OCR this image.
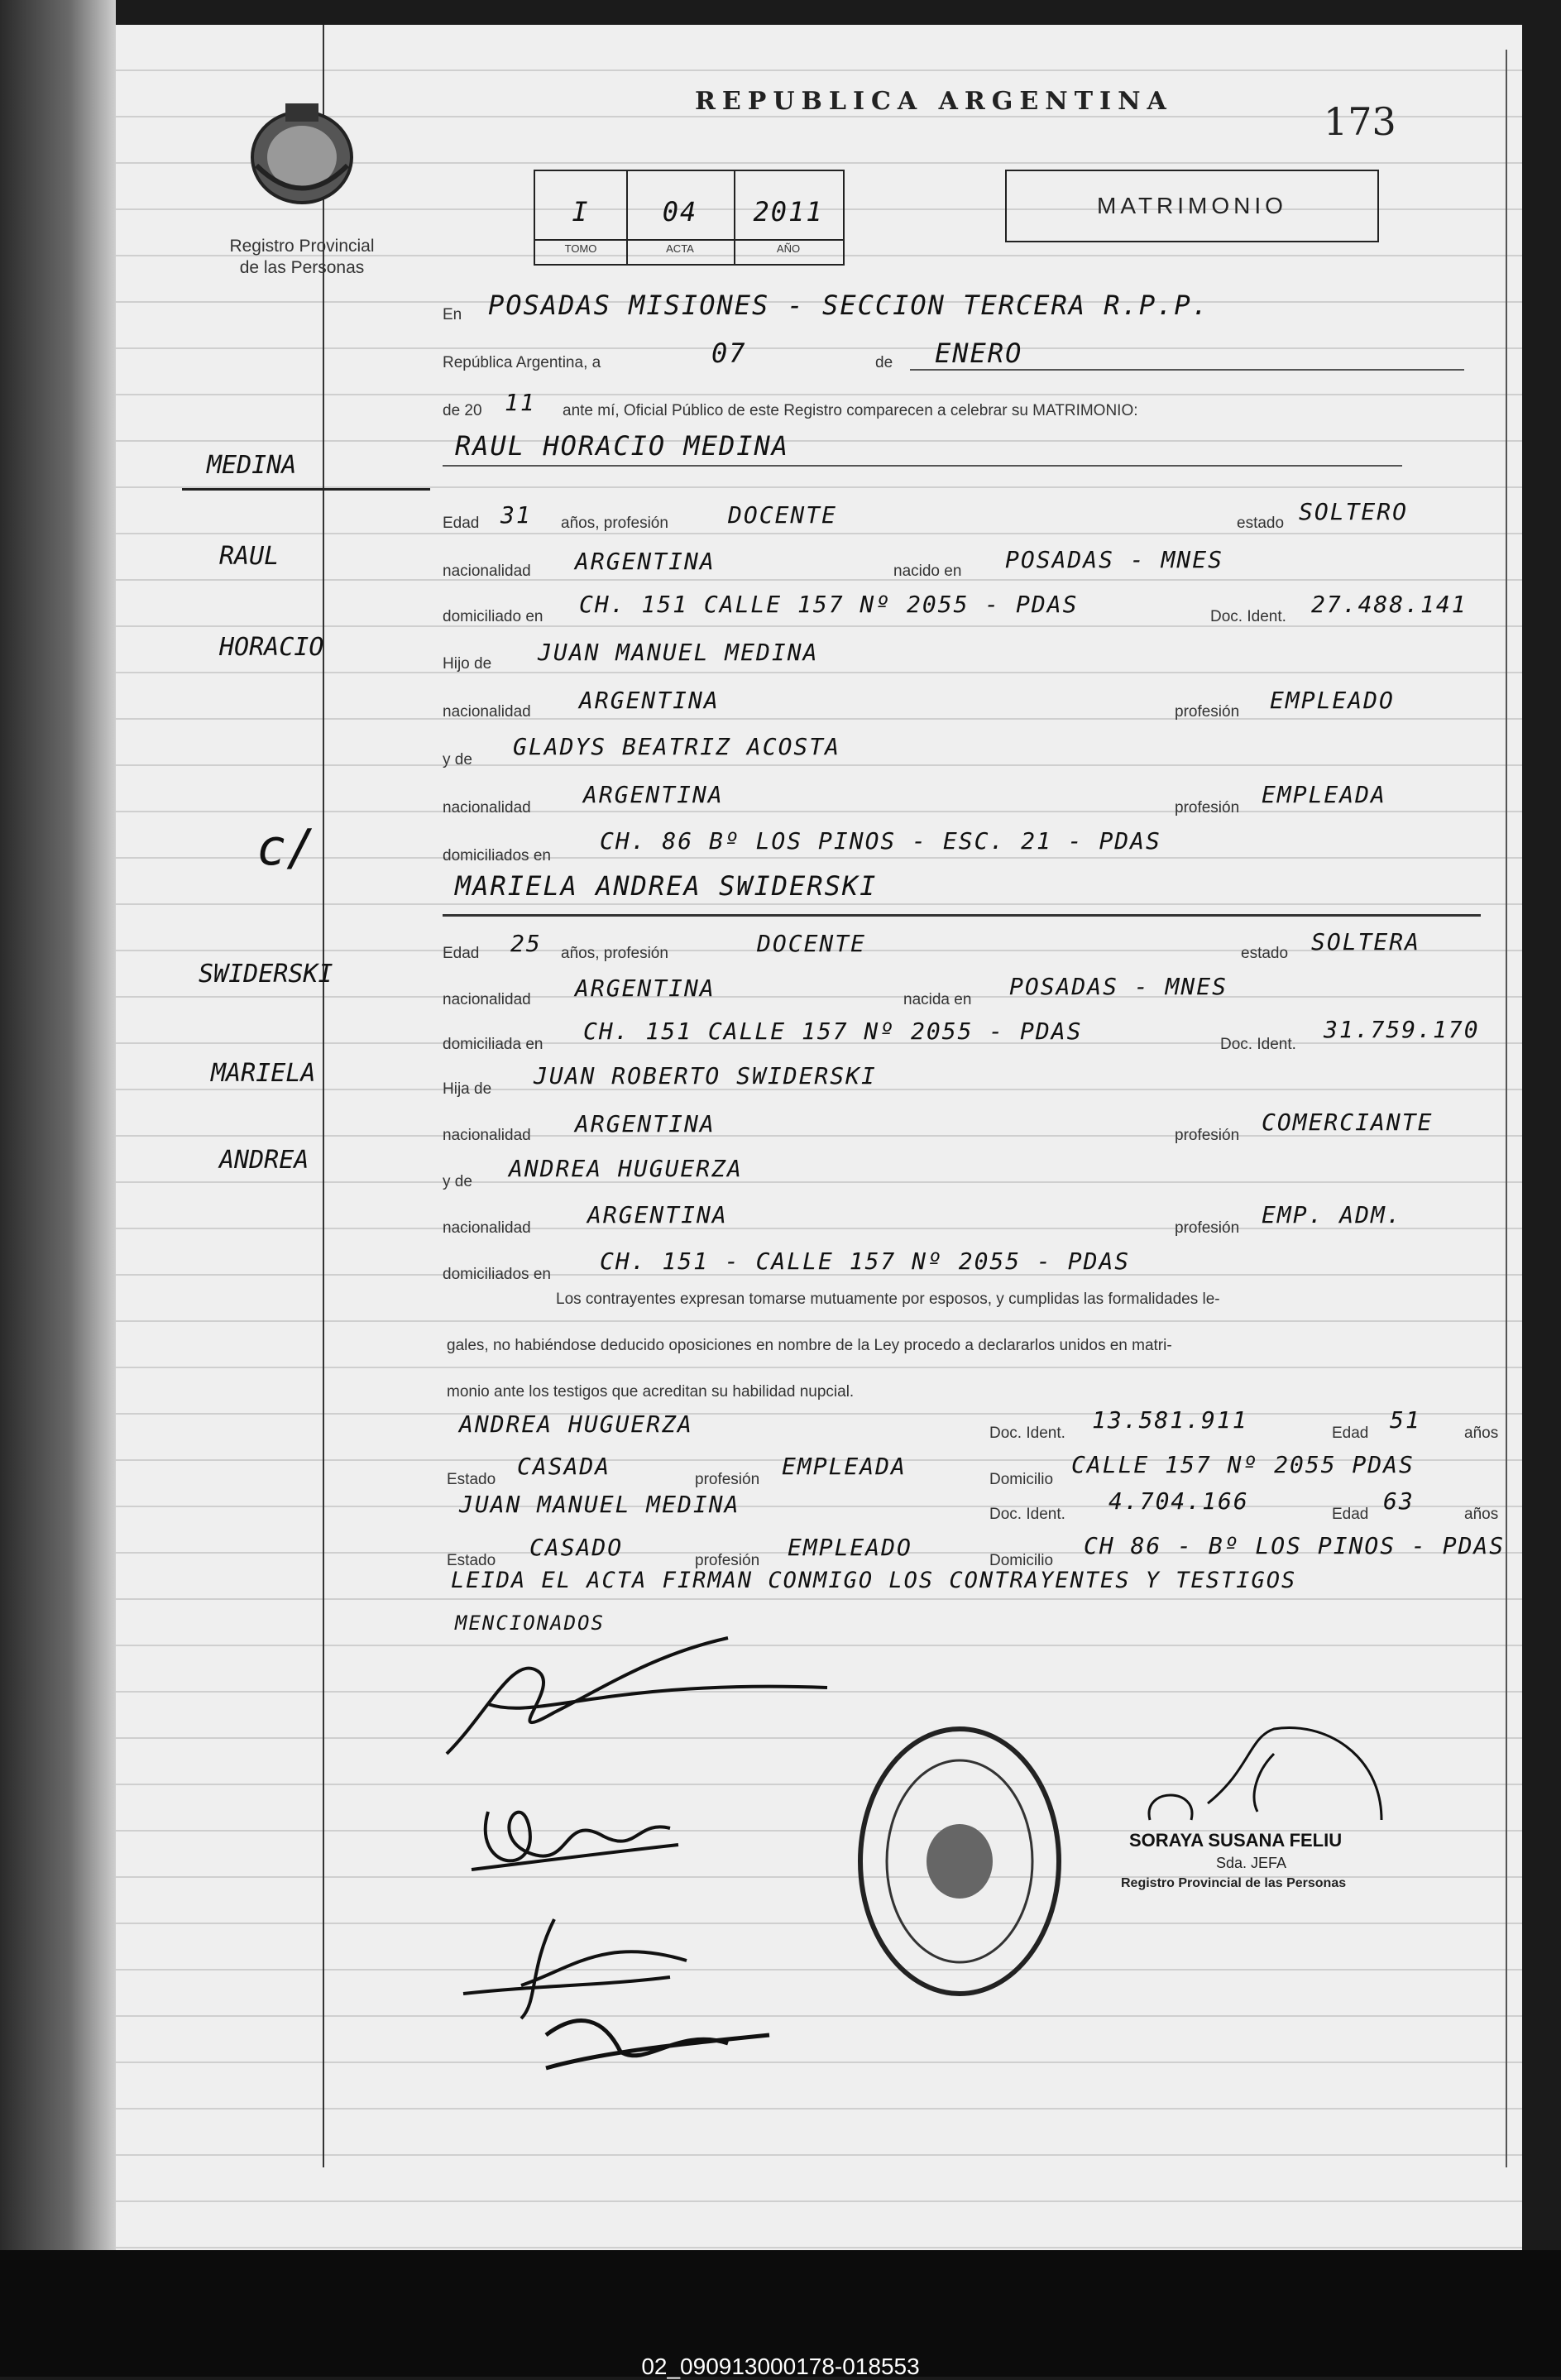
Registro Provincial
de las Personas
REPUBLICA ARGENTINA	173
I	04	2011
TOMO	ACTA	AÑO
MATRIMONIO
MEDINA
RAUL
HORACIO
c/
SWIDERSKI
MARIELA
ANDREA
En POSADAS MISIONES - SECCION TERCERA R.P.P.
República Argentina, a	07	de ENERO
de 20 11 ante mí, Oficial Público de este Registro comparecen a celebrar su MATRIMONIO:
RAUL HORACIO MEDINA
Edad 31 años, profesión	DOCENTE	estado SOLTERO
nacionalidad ARGENTINA	nacido en POSADAS - MNES
domiciliado en CH. 151 CALLE 157 Nº 2055 - PDAS	Doc. Ident. 27.488.141
Hijo de JUAN MANUEL MEDINA
nacionalidad ARGENTINA	profesión EMPLEADO
y de GLADYS BEATRIZ ACOSTA
nacionalidad ARGENTINA	profesión EMPLEADA
domiciliados en
CH. 86 Bº LOS PINOS - ESC. 21 - PDAS
MARIELA ANDREA SWIDERSKI
Edad 25 años, profesión	DOCENTE	estado SOLTERA
nacionalidad ARGENTINA	nacida en POSADAS - MNES
domiciliada en CH. 151 CALLE 157 Nº 2055 - PDAS	Doc. Ident.
31.759.170
Hija de JUAN ROBERTO SWIDERSKI
nacionalidad ARGENTINA	profesión COMERCIANTE
y de ANDREA HUGUERZA
nacionalidad ARGENTINA	profesión EMP. ADM.
domiciliados en CH. 151 - CALLE 157 Nº 2055 - PDAS
Los contrayentes expresan tomarse mutuamente por esposos, y cumplidas las formalidades le-
gales, no habiéndose deducido oposiciones en nombre de la Ley procedo a declararlos unidos en matri-
monio ante los testigos que acreditan su habilidad nupcial.
ANDREA HUGUERZA	Doc. Ident. 13.581.911	Edad 51	años
Estado CASADA	profesión EMPLEADA	Domicilio
CALLE 157 Nº 2055 PDAS
JUAN MANUEL MEDINA	Doc. Ident. 4.704.166	Edad 63	años
Estado CASADO	profesión EMPLEADO	Domicilio
CH 86 - Bº LOS PINOS - PDAS
LEIDA EL ACTA FIRMAN CONMIGO LOS CONTRAYENTES Y TESTIGOS
MENCIONADOS
SORAYA SUSANA FELIU
Sda. JEFA
Registro Provincial de las Personas
02_090913000178-018553
